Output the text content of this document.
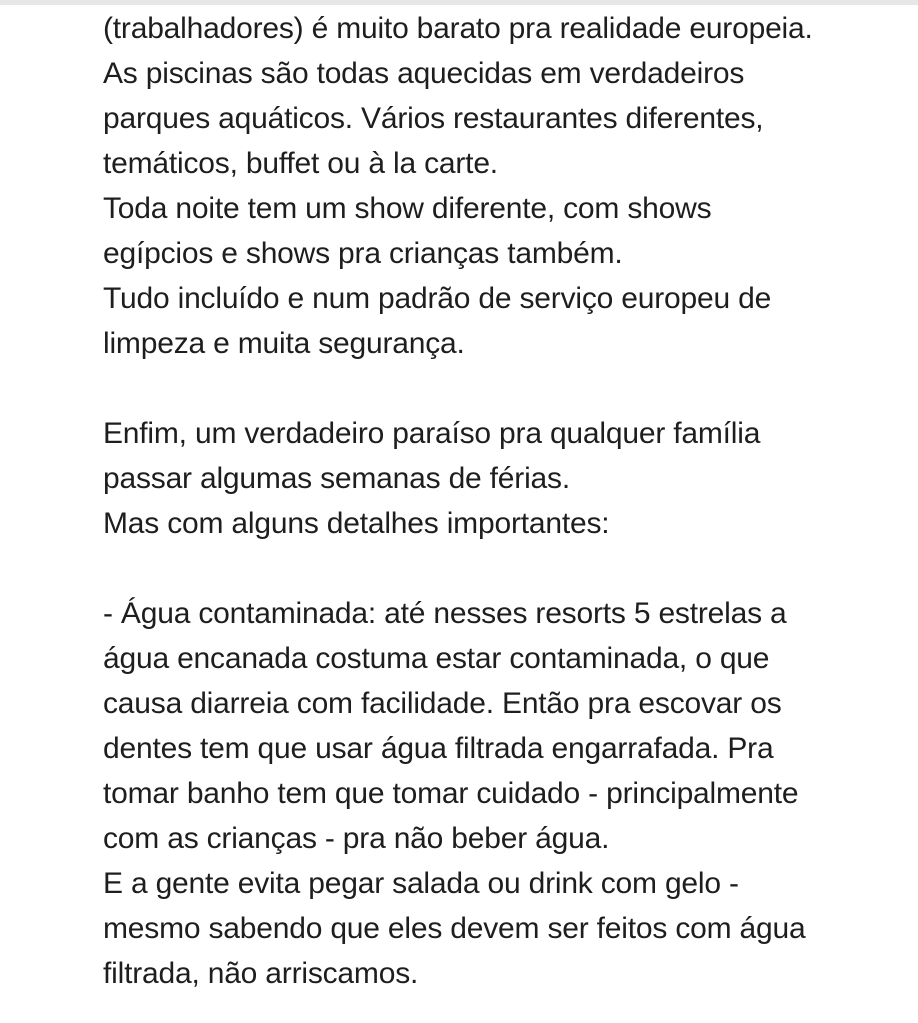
(trabalhadores) é muito barato pra realidade europeia.
As piscinas são todas aquecidas em verdadeiros
parques aquáticos. Vários restaurantes diferentes,
temáticos, buffet ou à la carte.
Toda noite tem um show diferente, com shows
egípcios e shows pra crianças também.
Tudo incluído e num padrão de serviço europeu de
limpeza e muita segurança.
Enfim, um verdadeiro paraíso pra qualquer família
passar algumas semanas de férias.
Mas com alguns detalhes importantes:
- Água contaminada: até nesses resorts 5 estrelas a
água encanada costuma estar contaminada, o que
causa diarreia com facilidade. Então pra escovar os
dentes tem que usar água filtrada engarrafada. Pra
tomar banho tem que tomar cuidado - principalmente
com as crianças - pra não beber água.
E a gente evita pegar salada ou drink com gelo -
mesmo sabendo que eles devem ser feitos com água
filtrada, não arriscamos.
